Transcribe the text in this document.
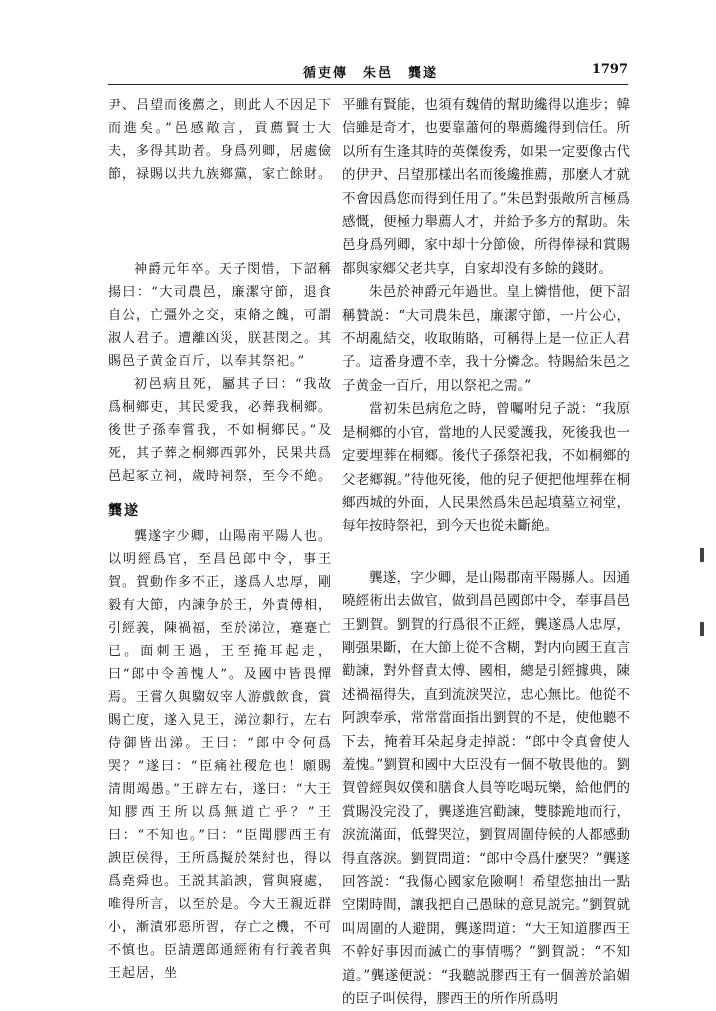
循吏傳　朱邑　龔遂	1797

尹、吕望而後薦之，則此人不因足下而進矣。”邑感敞言，貢薦賢士大夫，多得其助者。身爲列卿，居處儉節，禄賜以共九族鄉黨，家亡餘財。

神爵元年卒。天子閔惜，下詔稱揚曰：“大司農邑，廉潔守節，退食自公，亡彊外之交，束脩之餽，可謂淑人君子。遭離凶災，朕甚閔之。其賜邑子黄金百斤，以奉其祭祀。”

初邑病且死，屬其子曰：“我故爲桐鄉吏，其民愛我，必葬我桐鄉。後世子孫奉嘗我，不如桐鄉民。”及死，其子葬之桐鄉西郭外，民果共爲邑起冢立祠，歲時祠祭，至今不絶。

龔遂

龔遂字少卿，山陽南平陽人也。以明經爲官，至昌邑郎中令，事王賀。賀動作多不正，遂爲人忠厚，剛毅有大節，内諫争於王，外責傅相，引經義，陳禍福，至於涕泣，蹇蹇亡已。面刺王過，王至掩耳起走，曰“郎中令善愧人”。及國中皆畏憚焉。王嘗久與騶奴宰人游戲飲食，賞賜亡度，遂入見王，涕泣厀行，左右侍御皆出涕。王曰：“郎中令何爲哭？”遂曰：“臣痛社稷危也！願賜清閒竭愚。”王辟左右，遂曰：“大王知膠西王所以爲無道亡乎？”王曰：“不知也。”曰：“臣聞膠西王有諛臣侯得，王所爲擬於桀紂也，得以爲堯舜也。王説其諂諛，嘗與寢處，唯得所言，以至於是。今大王親近群小，漸漬邪惡所習，存亡之機，不可不慎也。臣請選郎通經術有行義者與王起居，坐

平雖有賢能，也須有魏倩的幫助纔得以進步；韓信雖是奇才，也要靠蕭何的舉薦纔得到信任。所以所有生逢其時的英傑俊秀，如果一定要像古代的伊尹、吕望那樣出名而後纔推薦，那麼人才就不會因爲您而得到任用了。”朱邑對張敞所言極爲感慨，便極力舉薦人才，并給予多方的幫助。朱邑身爲列卿，家中却十分節儉，所得俸禄和賞賜都與家鄉父老共享，自家却没有多餘的錢財。

朱邑於神爵元年過世。皇上憐惜他，便下詔稱贊説：“大司農朱邑，廉潔守節，一片公心，不胡亂結交，收取賄賂，可稱得上是一位正人君子。這番身遭不幸，我十分憐念。特賜給朱邑之子黄金一百斤，用以祭祀之需。”

當初朱邑病危之時，曾囑咐兒子説：“我原是桐鄉的小官，當地的人民愛護我，死後我也一定要埋葬在桐鄉。後代子孫祭祀我，不如桐鄉的父老鄉親。”待他死後，他的兒子便把他埋葬在桐鄉西城的外面，人民果然爲朱邑起墳墓立祠堂，每年按時祭祀，到今天也從未斷絶。

龔遂，字少卿，是山陽郡南平陽縣人。因通曉經術出去做官，做到昌邑國郎中令，奉事昌邑王劉賀。劉賀的行爲很不正經，龔遂爲人忠厚，剛强果斷，在大節上從不含糊，對内向國王直言勸諫，對外督責太傅、國相，總是引經據典，陳述禍福得失，直到流淚哭泣，忠心無比。他從不阿諛奉承，常常當面指出劉賀的不是，使他聽不下去，掩着耳朵起身走掉説：“郎中令真會使人羞愧。”劉賀和國中大臣没有一個不敬畏他的。劉賀曾經與奴僕和膳食人員等吃喝玩樂，給他們的賞賜没完没了，龔遂進宫勸諫，雙膝跪地而行，淚流滿面，低聲哭泣，劉賀周圍侍候的人都感動得直落淚。劉賀問道：“郎中令爲什麼哭？”龔遂回答説：“我傷心國家危險啊！希望您抽出一點空閑時間，讓我把自己愚昧的意見説完。”劉賀就叫周圍的人避開，龔遂問道：“大王知道膠西王不幹好事因而滅亡的事情嗎？”劉賀説：“不知道。”龔遂便説：“我聽説膠西王有一個善於諂媚的臣子叫侯得，膠西王的所作所爲明
